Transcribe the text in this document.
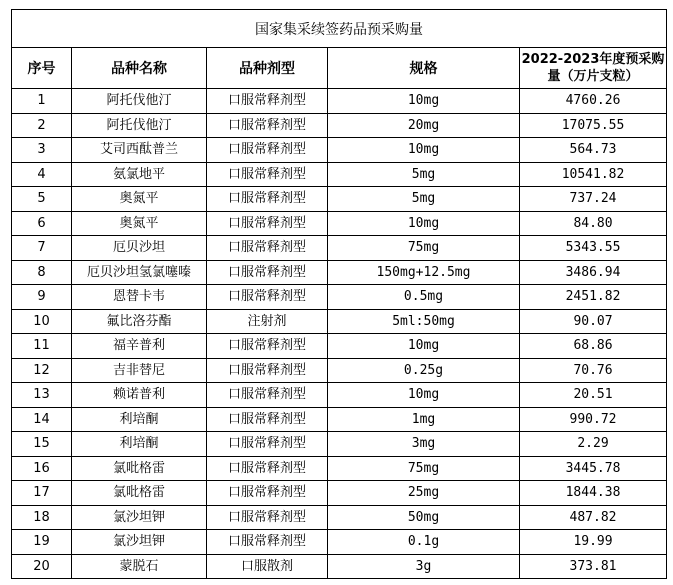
国家集采续签药品预采购量				
序号	品种名称	品种剂型	规格	2022-2023年度预采购量（万片支粒）
1	阿托伐他汀	口服常释剂型	10mg	4760.26
2	阿托伐他汀	口服常释剂型	20mg	17075.55
3	艾司西酞普兰	口服常释剂型	10mg	564.73
4	氨氯地平	口服常释剂型	5mg	10541.82
5	奥氮平	口服常释剂型	5mg	737.24
6	奥氮平	口服常释剂型	10mg	84.80
7	厄贝沙坦	口服常释剂型	75mg	5343.55
8	厄贝沙坦氢氯噻嗪	口服常释剂型	150mg+12.5mg	3486.94
9	恩替卡韦	口服常释剂型	0.5mg	2451.82
10	氟比洛芬酯	注射剂	5ml:50mg	90.07
11	福辛普利	口服常释剂型	10mg	68.86
12	吉非替尼	口服常释剂型	0.25g	70.76
13	赖诺普利	口服常释剂型	10mg	20.51
14	利培酮	口服常释剂型	1mg	990.72
15	利培酮	口服常释剂型	3mg	2.29
16	氯吡格雷	口服常释剂型	75mg	3445.78
17	氯吡格雷	口服常释剂型	25mg	1844.38
18	氯沙坦钾	口服常释剂型	50mg	487.82
19	氯沙坦钾	口服常释剂型	0.1g	19.99
20	蒙脱石	口服散剂	3g	373.81
